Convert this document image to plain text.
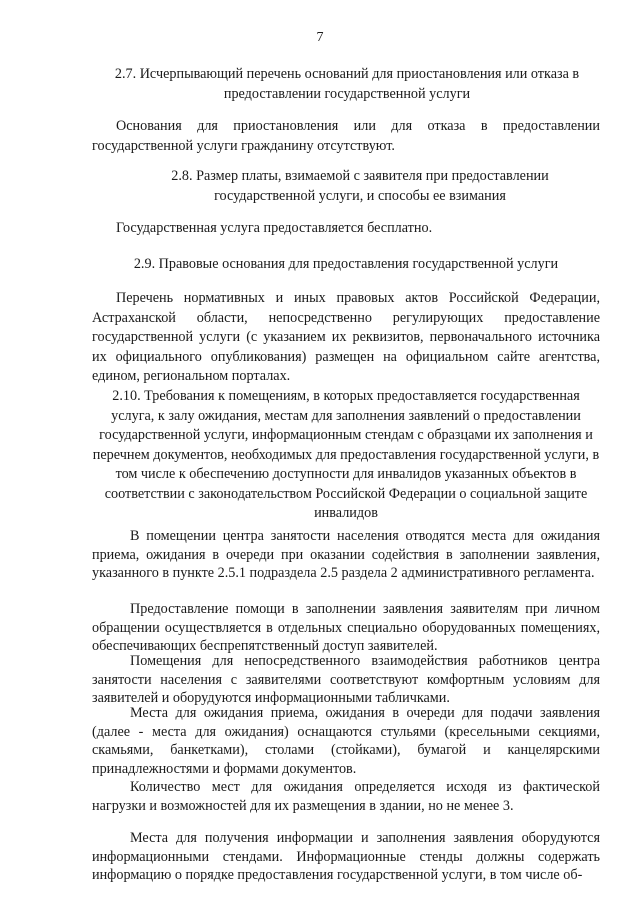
7

2.7. Исчерпывающий перечень оснований для приостановления или отказа в предоставлении государственной услуги

Основания для приостановления или для отказа в предоставлении государственной услуги гражданину отсутствуют.

2.8. Размер платы, взимаемой с заявителя при предоставлении государственной услуги, и способы ее взимания

Государственная услуга предоставляется бесплатно.

2.9. Правовые основания для предоставления государственной услуги

Перечень нормативных и иных правовых актов Российской Федерации, Астраханской области, непосредственно регулирующих предоставление государственной услуги (с указанием их реквизитов, первоначального источника их официального опубликования) размещен на официальном сайте агентства, едином, региональном порталах.

2.10. Требования к помещениям, в которых предоставляется государственная услуга, к залу ожидания, местам для заполнения заявлений о предоставлении государственной услуги, информационным стендам с образцами их заполнения и перечнем документов, необходимых для предоставления государственной услуги, в том числе к обеспечению доступности для инвалидов указанных объектов в соответствии с законодательством Российской Федерации о социальной защите инвалидов

В помещении центра занятости населения отводятся места для ожидания приема, ожидания в очереди при оказании содействия в заполнении заявления, указанного в пункте 2.5.1 подраздела 2.5 раздела 2 административного регламента.

Предоставление помощи в заполнении заявления заявителям при личном обращении осуществляется в отдельных специально оборудованных помещениях, обеспечивающих беспрепятственный доступ заявителей.

Помещения для непосредственного взаимодействия работников центра занятости населения с заявителями соответствуют комфортным условиям для заявителей и оборудуются информационными табличками.

Места для ожидания приема, ожидания в очереди для подачи заявления (далее - места для ожидания) оснащаются стульями (кресельными секциями, скамьями, банкетками), столами (стойками), бумагой и канцелярскими принадлежностями и формами документов.

Количество мест для ожидания определяется исходя из фактической нагрузки и возможностей для их размещения в здании, но не менее 3.

Места для получения информации и заполнения заявления оборудуются информационными стендами. Информационные стенды должны содержать информацию о порядке предоставления государственной услуги, в том числе об-
